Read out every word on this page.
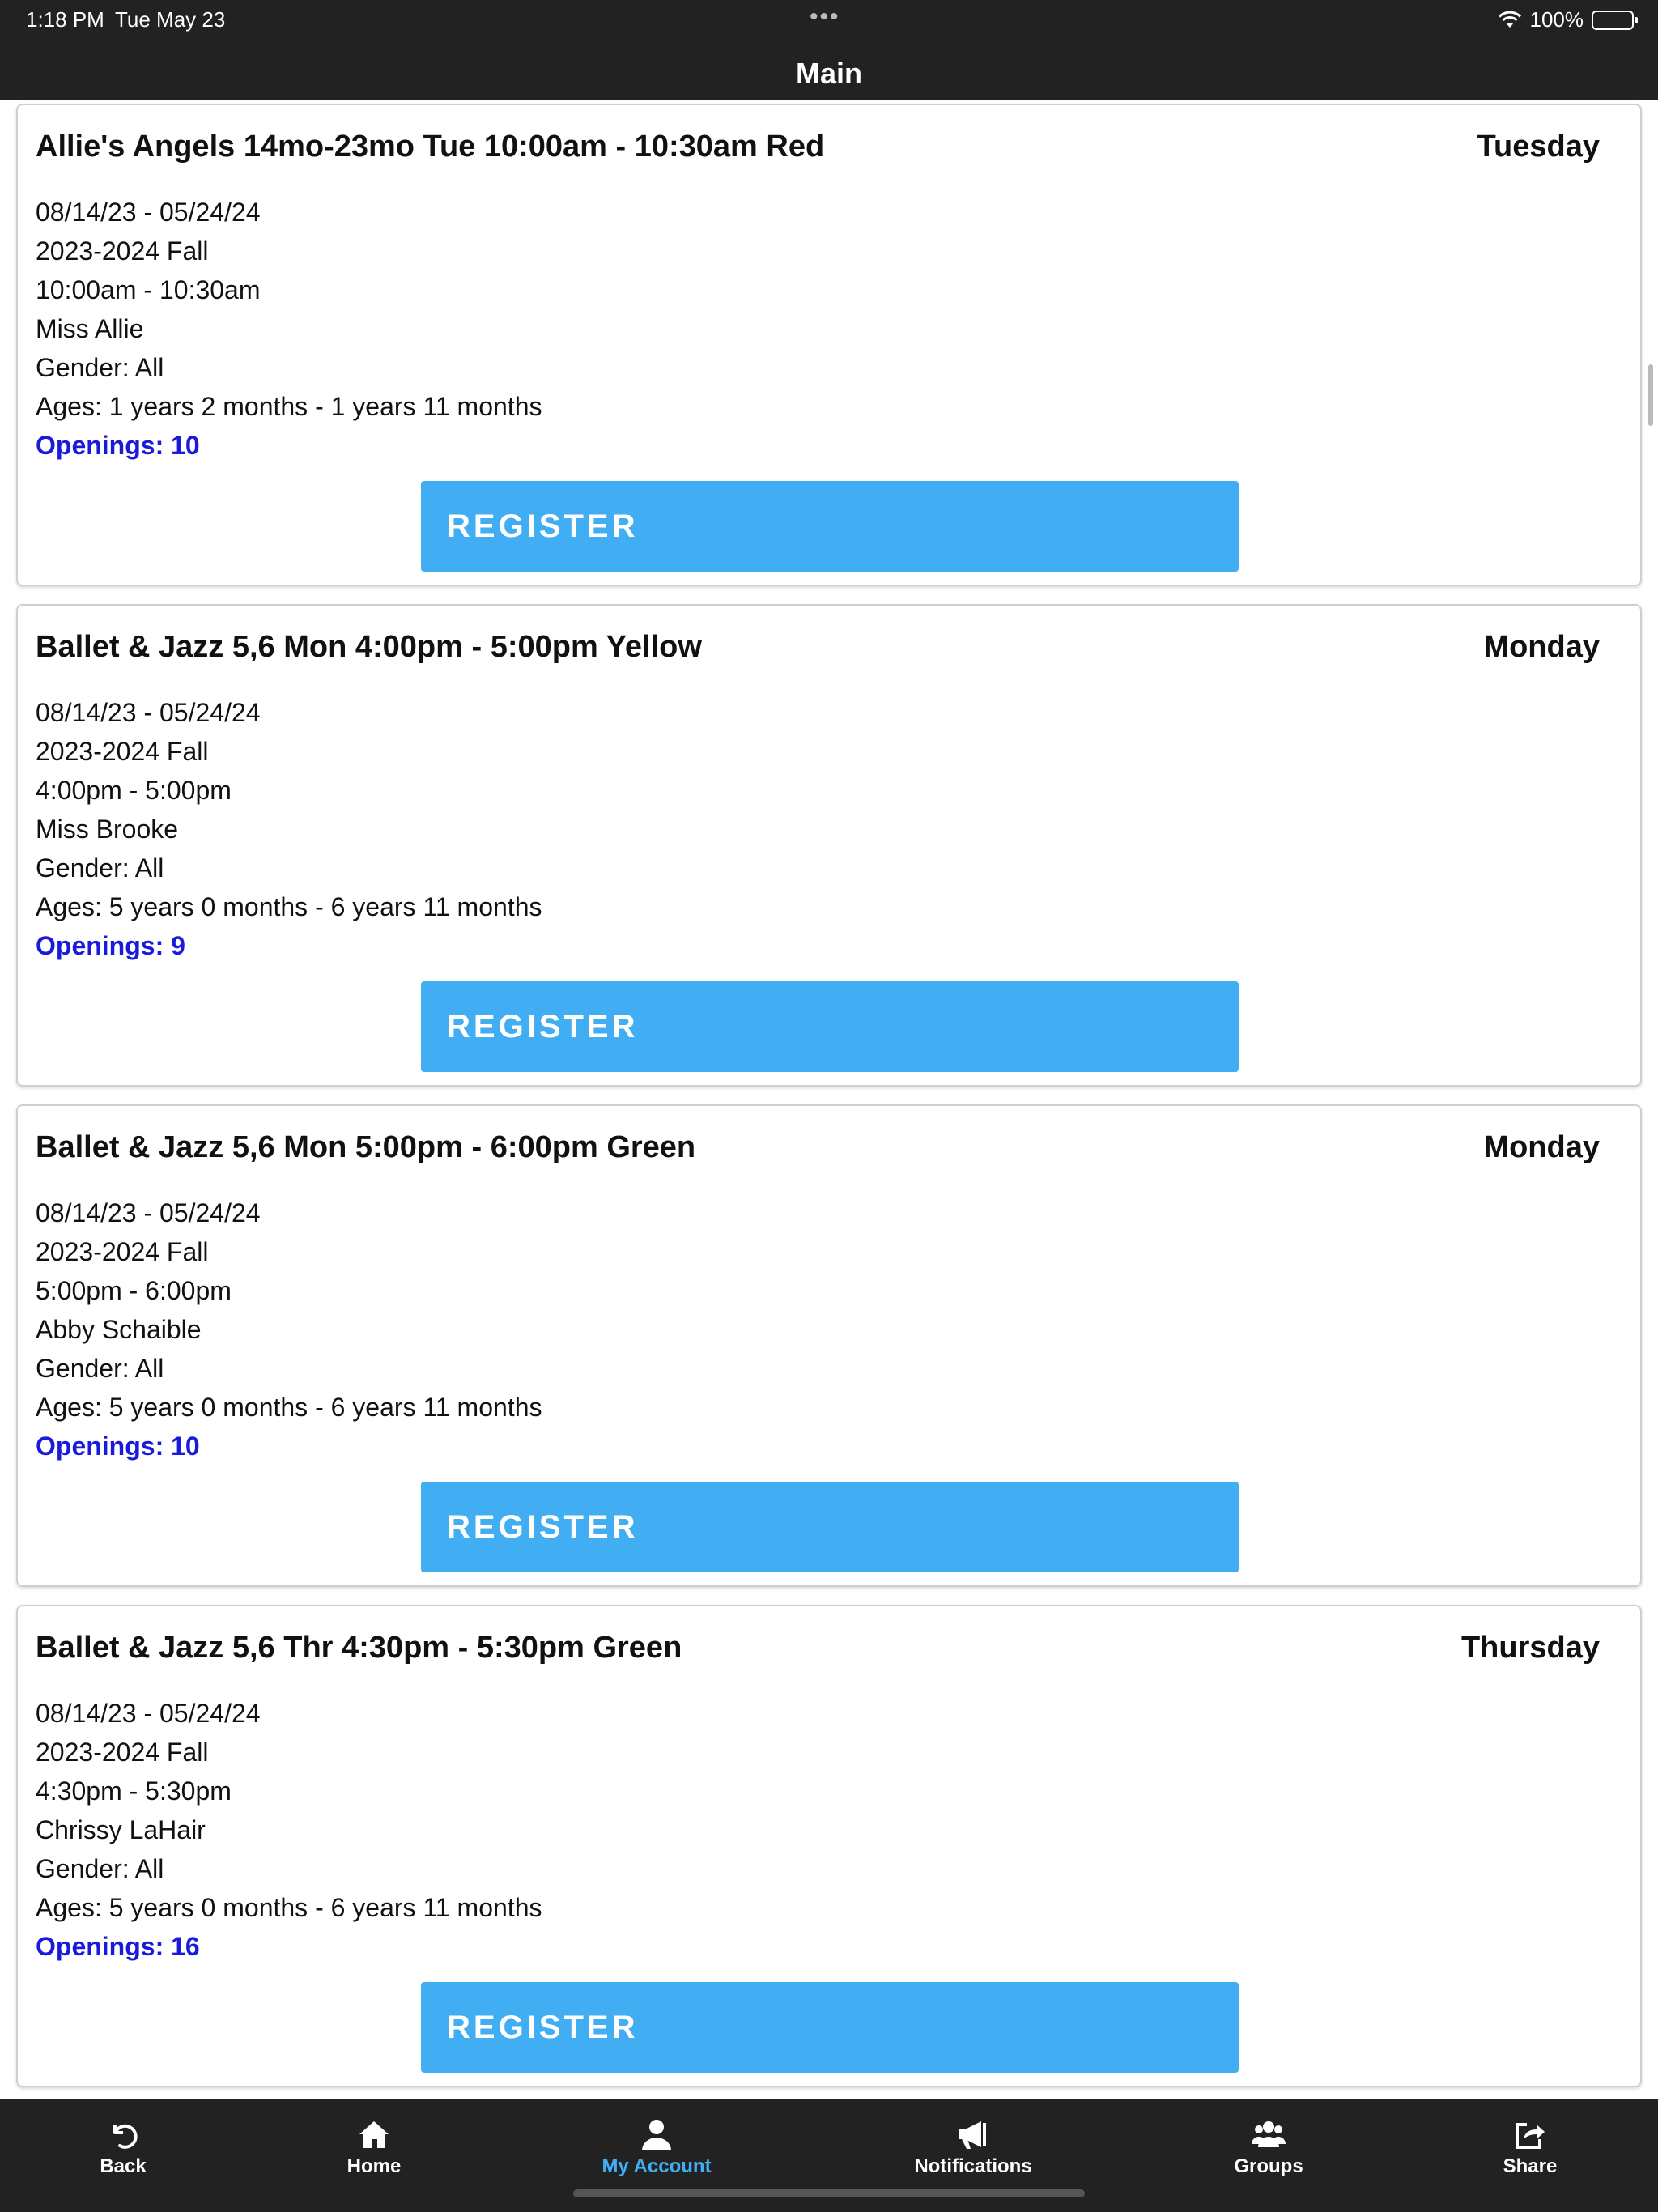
1:18 PM Tue May 23	•••	100%
Main
Allie's Angels 14mo-23mo Tue 10:00am - 10:30am Red	Tuesday
08/14/23 - 05/24/24
2023-2024 Fall
10:00am - 10:30am
Miss Allie
Gender: All
Ages: 1 years 2 months - 1 years 11 months
Openings: 10
REGISTER
Ballet & Jazz 5,6 Mon 4:00pm - 5:00pm Yellow	Monday
08/14/23 - 05/24/24
2023-2024 Fall
4:00pm - 5:00pm
Miss Brooke
Gender: All
Ages: 5 years 0 months - 6 years 11 months
Openings: 9
REGISTER
Ballet & Jazz 5,6 Mon 5:00pm - 6:00pm Green	Monday
08/14/23 - 05/24/24
2023-2024 Fall
5:00pm - 6:00pm
Abby Schaible
Gender: All
Ages: 5 years 0 months - 6 years 11 months
Openings: 10
REGISTER
Ballet & Jazz 5,6 Thr 4:30pm - 5:30pm Green	Thursday
08/14/23 - 05/24/24
2023-2024 Fall
4:30pm - 5:30pm
Chrissy LaHair
Gender: All
Ages: 5 years 0 months - 6 years 11 months
Openings: 16
REGISTER
Back	Home	My Account	Notifications	Groups	Share
